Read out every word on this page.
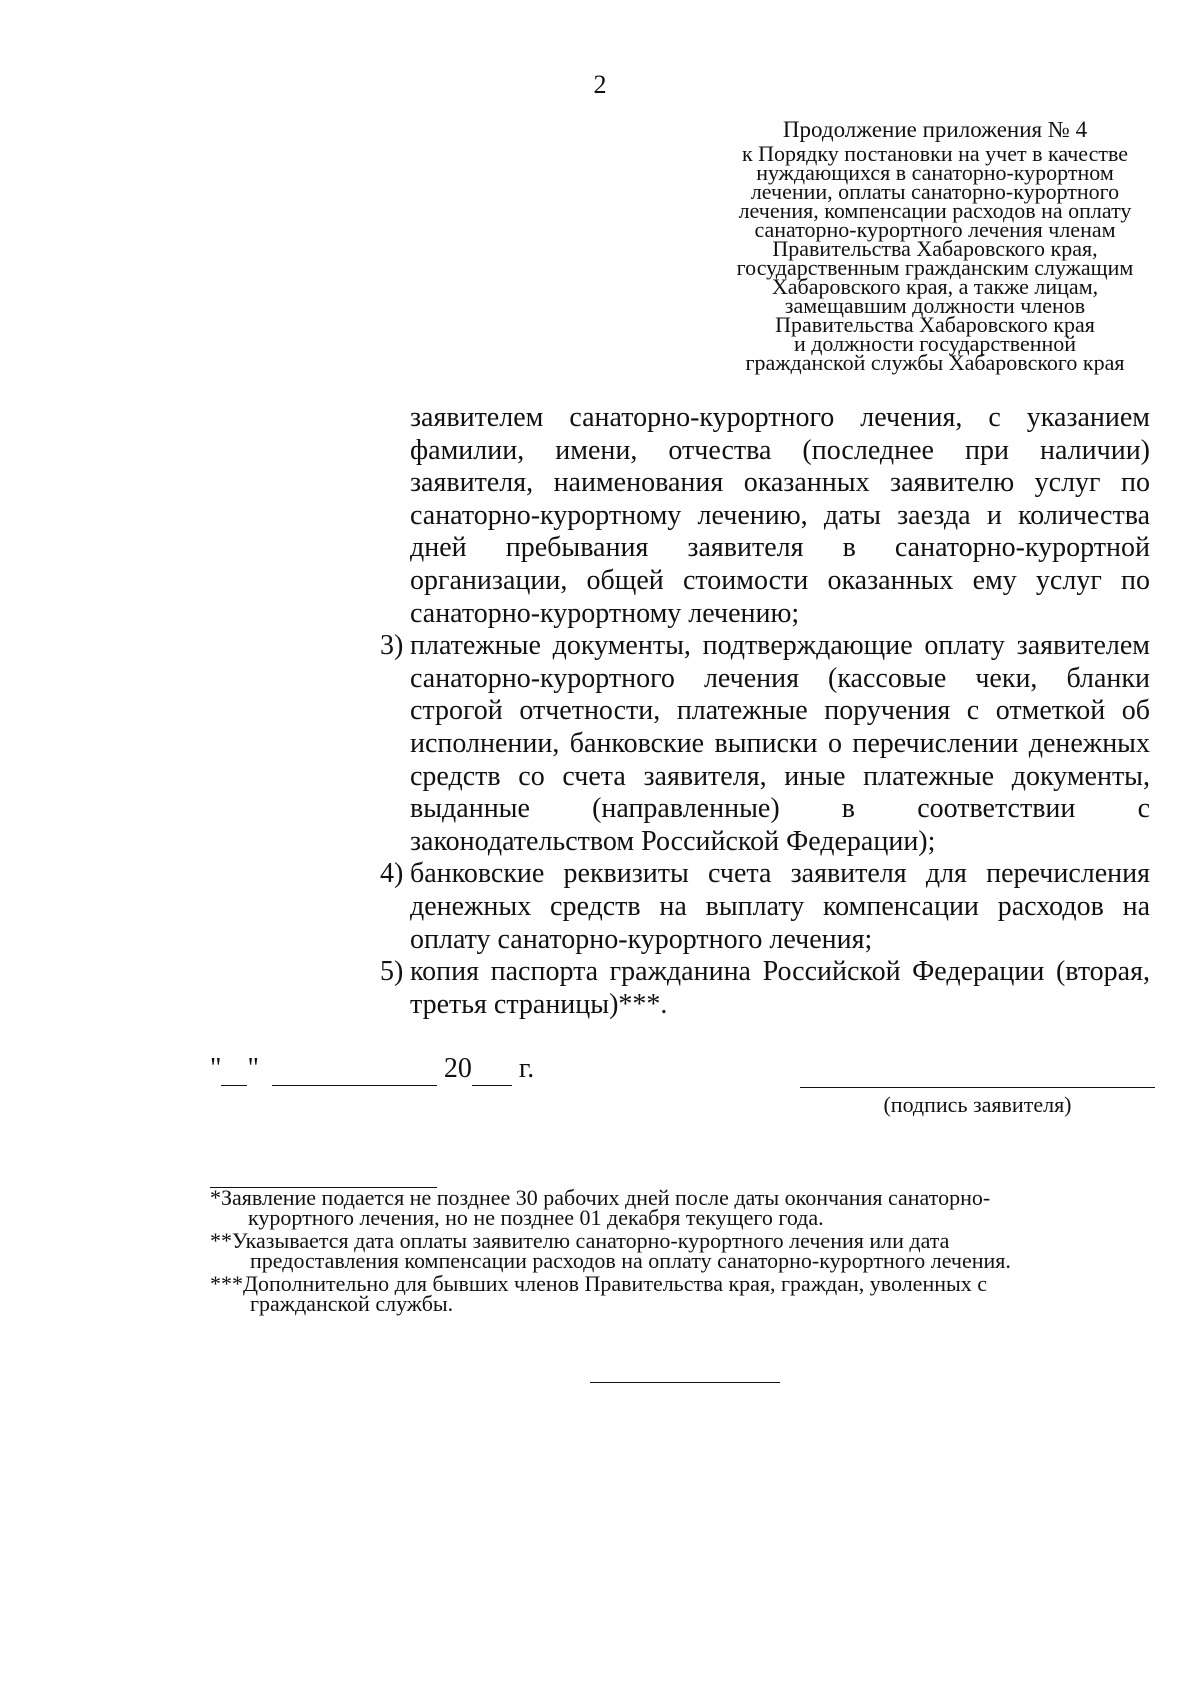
2

Продолжение приложения № 4

к Порядку постановки на учет в качестве
нуждающихся в санаторно-курортном
лечении, оплаты санаторно-курортного
лечения, компенсации расходов на оплату
санаторно-курортного лечения членам
Правительства Хабаровского края,
государственным гражданским служащим
Хабаровского края, а также лицам,
замещавшим должности членов
Правительства Хабаровского края
и должности государственной
гражданской службы Хабаровского края

заявителем санаторно-курортного лечения, с указанием фамилии, имени, отчества (последнее при наличии) заявителя, наименования оказанных заявителю услуг по санаторно-курортному лечению, даты заезда и количества дней пребывания заявителя в санаторно-курортной организации, общей стоимости оказанных ему услуг по санаторно-курортному лечению;

3) платежные документы, подтверждающие оплату заявителем санаторно-курортного лечения (кассовые чеки, бланки строгой отчетности, платежные поручения с отметкой об исполнении, банковские выписки о перечислении денежных средств со счета заявителя, иные платежные документы, выданные (направленные) в соответствии с законодательством Российской Федерации);

4) банковские реквизиты счета заявителя для перечисления денежных средств на выплату компенсации расходов на оплату санаторно-курортного лечения;

5) копия паспорта гражданина Российской Федерации (вторая, третья страницы)***.

" "	20 г.
(подпись заявителя)

*Заявление подается не позднее 30 рабочих дней после даты окончания санаторно-
курортного лечения, но не позднее 01 декабря текущего года.

**Указывается дата оплаты заявителю санаторно-курортного лечения или дата
предоставления компенсации расходов на оплату санаторно-курортного лечения.

***Дополнительно для бывших членов Правительства края, граждан, уволенных с
гражданской службы.
